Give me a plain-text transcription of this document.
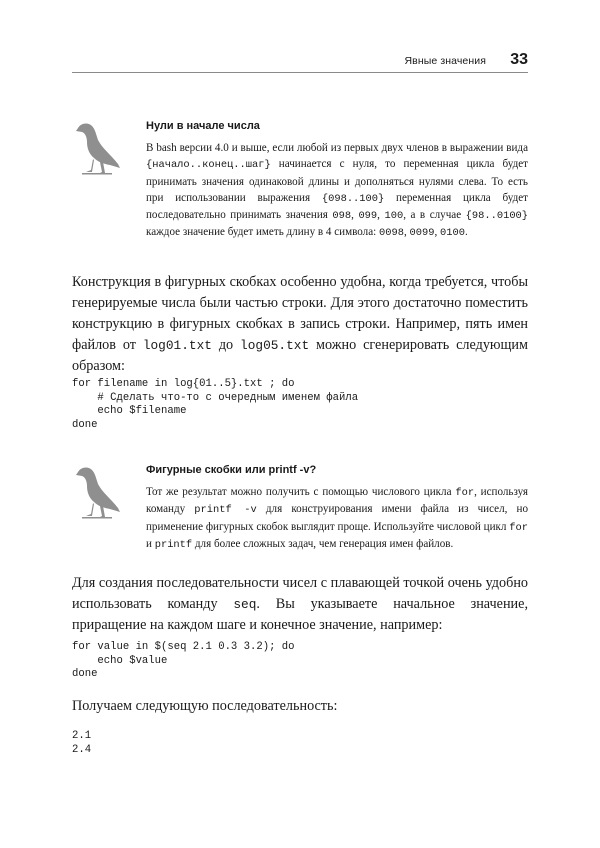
Явные значения 33

Нули в начале числа

В bash версии 4.0 и выше, если любой из первых двух членов в выражении вида {начало..конец..шаг} начинается с нуля, то переменная цикла будет принимать значения одинаковой длины и дополняться нулями слева. То есть при использовании выражения {098..100} переменная цикла будет последовательно принимать значения 098, 099, 100, а в случае {98..0100} каждое значение будет иметь длину в 4 символа: 0098, 0099, 0100.

Конструкция в фигурных скобках особенно удобна, когда требуется, чтобы генерируемые числа были частью строки. Для этого достаточно поместить конструкцию в фигурных скобках в запись строки. Например, пять имен файлов от log01.txt до log05.txt можно сгенерировать следующим образом:

for filename in log{01..5}.txt ; do
# Сделать что-то с очередным именем файла
echo $filename
done

Фигурные скобки или printf -v?

Тот же результат можно получить с помощью числового цикла for, используя команду printf -v для конструирования имени файла из чисел, но применение фигурных скобок выглядит проще. Используйте числовой цикл for и printf для более сложных задач, чем генерация имен файлов.

Для создания последовательности чисел с плавающей точкой очень удобно использовать команду seq. Вы указываете начальное значение, приращение на каждом шаге и конечное значение, например:

for value in $(seq 2.1 0.3 3.2); do
echo $value
done

Получаем следующую последовательность:

2.1
2.4
